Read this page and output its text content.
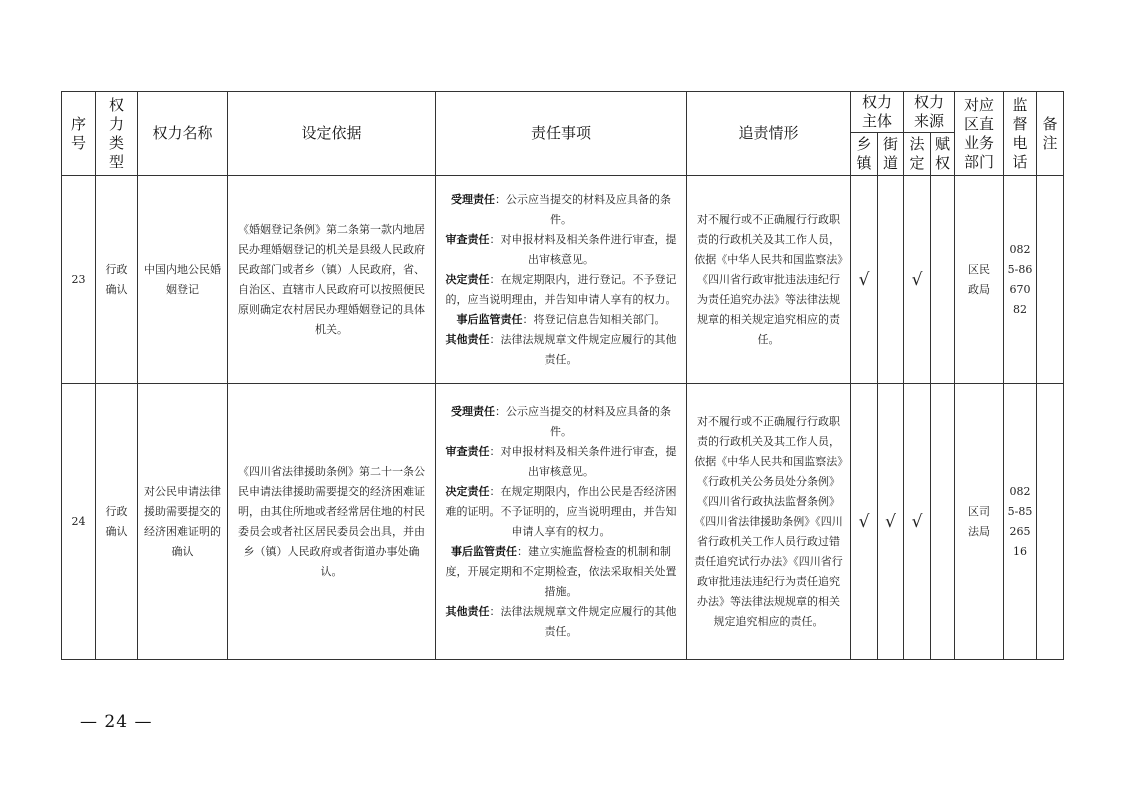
序号	权力类型	权力名称	设定依据	责任事项	追责情形	权力主体		权力来源		对应区直业务部门	监督电话	备注
						乡镇	街道	法定	赋权			
23	行政确认	中国内地公民婚姻登记	《婚姻登记条例》第二条第一款内地居民办理婚姻登记的机关是县级人民政府民政部门或者乡（镇）人民政府，省、自治区、直辖市人民政府可以按照便民原则确定农村居民办理婚姻登记的具体机关。	受理责任：公示应当提交的材料及应具备的条件。
审查责任：对申报材料及相关条件进行审查，提出审核意见。
决定责任：在规定期限内，进行登记。不予登记的，应当说明理由，并告知申请人享有的权力。
事后监管责任：将登记信息告知相关部门。
其他责任：法律法规规章文件规定应履行的其他责任。	对不履行或不正确履行行政职责的行政机关及其工作人员，依据《中华人民共和国监察法》《四川省行政审批违法违纪行为责任追究办法》等法律法规规章的相关规定追究相应的责任。	√		√		区民政局	0825-8667082	
24	行政确认	对公民申请法律援助需要提交的经济困难证明的确认	《四川省法律援助条例》第二十一条公民申请法律援助需要提交的经济困难证明，由其住所地或者经常居住地的村民委员会或者社区居民委员会出具，并由乡（镇）人民政府或者街道办事处确认。	受理责任：公示应当提交的材料及应具备的条件。
审查责任：对申报材料及相关条件进行审查，提出审核意见。
决定责任：在规定期限内，作出公民是否经济困难的证明。不予证明的，应当说明理由，并告知申请人享有的权力。
事后监管责任：建立实施监督检查的机制和制度，开展定期和不定期检查，依法采取相关处置措施。
其他责任：法律法规规章文件规定应履行的其他责任。	对不履行或不正确履行行政职责的行政机关及其工作人员，依据《中华人民共和国监察法》《行政机关公务员处分条例》《四川省行政执法监督条例》《四川省法律援助条例》《四川省行政机关工作人员行政过错责任追究试行办法》《四川省行政审批违法违纪行为责任追究办法》等法律法规规章的相关规定追究相应的责任。	√	√	√		区司法局	0825-8526516	
— 24 —
